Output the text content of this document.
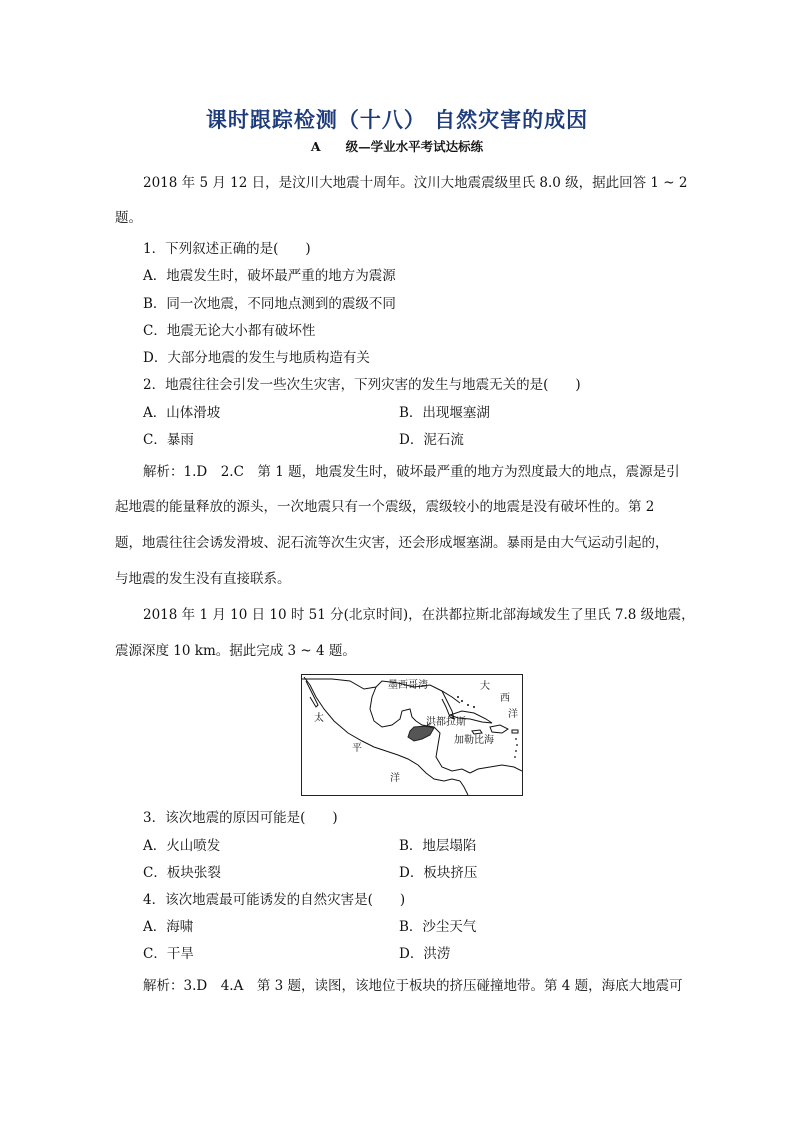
课时跟踪检测（十八） 自然灾害的成因
A　　级—学业水平考试达标练
2018 年 5 月 12 日，是汶川大地震十周年。汶川大地震震级里氏 8.0 级，据此回答 1 ~ 2
题。
1．下列叙述正确的是(　　)
A．地震发生时，破坏最严重的地方为震源
B．同一次地震，不同地点测到的震级不同
C．地震无论大小都有破坏性
D．大部分地震的发生与地质构造有关
2．地震往往会引发一些次生灾害，下列灾害的发生与地震无关的是(　　)
A．山体滑坡	B．出现堰塞湖
C．暴雨	D．泥石流
解析：1.D　2.C　第 1 题，地震发生时，破坏最严重的地方为烈度最大的地点，震源是引
起地震的能量释放的源头，一次地震只有一个震级，震级较小的地震是没有破坏性的。第 2
题，地震往往会诱发滑坡、泥石流等次生灾害，还会形成堰塞湖。暴雨是由大气运动引起的，
与地震的发生没有直接联系。
2018 年 1 月 10 日 10 时 51 分(北京时间)，在洪都拉斯北部海域发生了里氏 7.8 级地震，
震源深度 10 km。据此完成 3 ~ 4 题。
墨西哥湾	大
西
洋
太	洪都拉斯
加勒比海
平
洋
3．该次地震的原因可能是(　　)
A．火山喷发	B．地层塌陷
C．板块张裂	D．板块挤压
4．该次地震最可能诱发的自然灾害是(　　)
A．海啸	B．沙尘天气
C．干旱	D．洪涝
解析：3.D　4.A　第 3 题，读图，该地位于板块的挤压碰撞地带。第 4 题，海底大地震可
